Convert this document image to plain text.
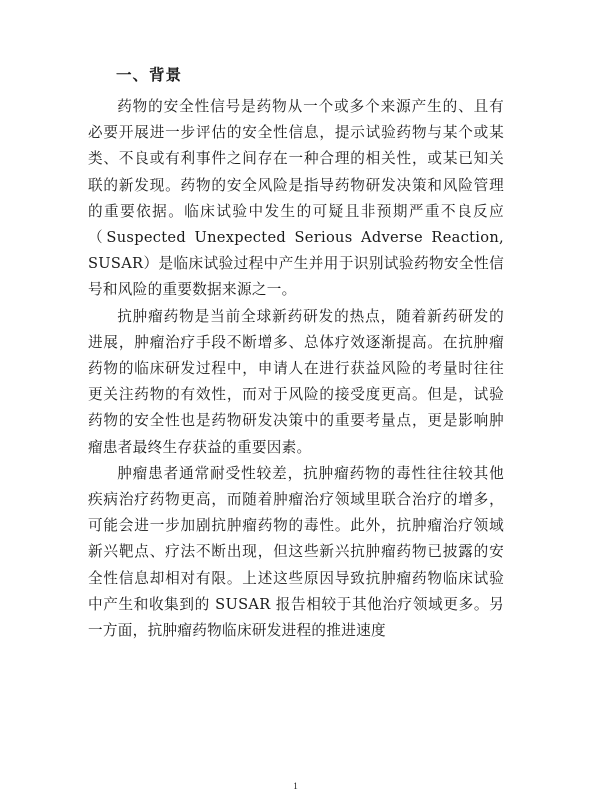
一、背景

药物的安全性信号是药物从一个或多个来源产生的、且有必要开展进一步评估的安全性信息，提示试验药物与某个或某类、不良或有利事件之间存在一种合理的相关性，或某已知关联的新发现。药物的安全风险是指导药物研发决策和风险管理的重要依据。临床试验中发生的可疑且非预期严重不良反应（Suspected Unexpected Serious Adverse Reaction, SUSAR）是临床试验过程中产生并用于识别试验药物安全性信号和风险的重要数据来源之一。

抗肿瘤药物是当前全球新药研发的热点，随着新药研发的进展，肿瘤治疗手段不断增多、总体疗效逐渐提高。在抗肿瘤药物的临床研发过程中，申请人在进行获益风险的考量时往往更关注药物的有效性，而对于风险的接受度更高。但是，试验药物的安全性也是药物研发决策中的重要考量点，更是影响肿瘤患者最终生存获益的重要因素。

肿瘤患者通常耐受性较差，抗肿瘤药物的毒性往往较其他疾病治疗药物更高，而随着肿瘤治疗领域里联合治疗的增多，可能会进一步加剧抗肿瘤药物的毒性。此外，抗肿瘤治疗领域新兴靶点、疗法不断出现，但这些新兴抗肿瘤药物已披露的安全性信息却相对有限。上述这些原因导致抗肿瘤药物临床试验中产生和收集到的 SUSAR 报告相较于其他治疗领域更多。另一方面，抗肿瘤药物临床研发进程的推进速度

1
